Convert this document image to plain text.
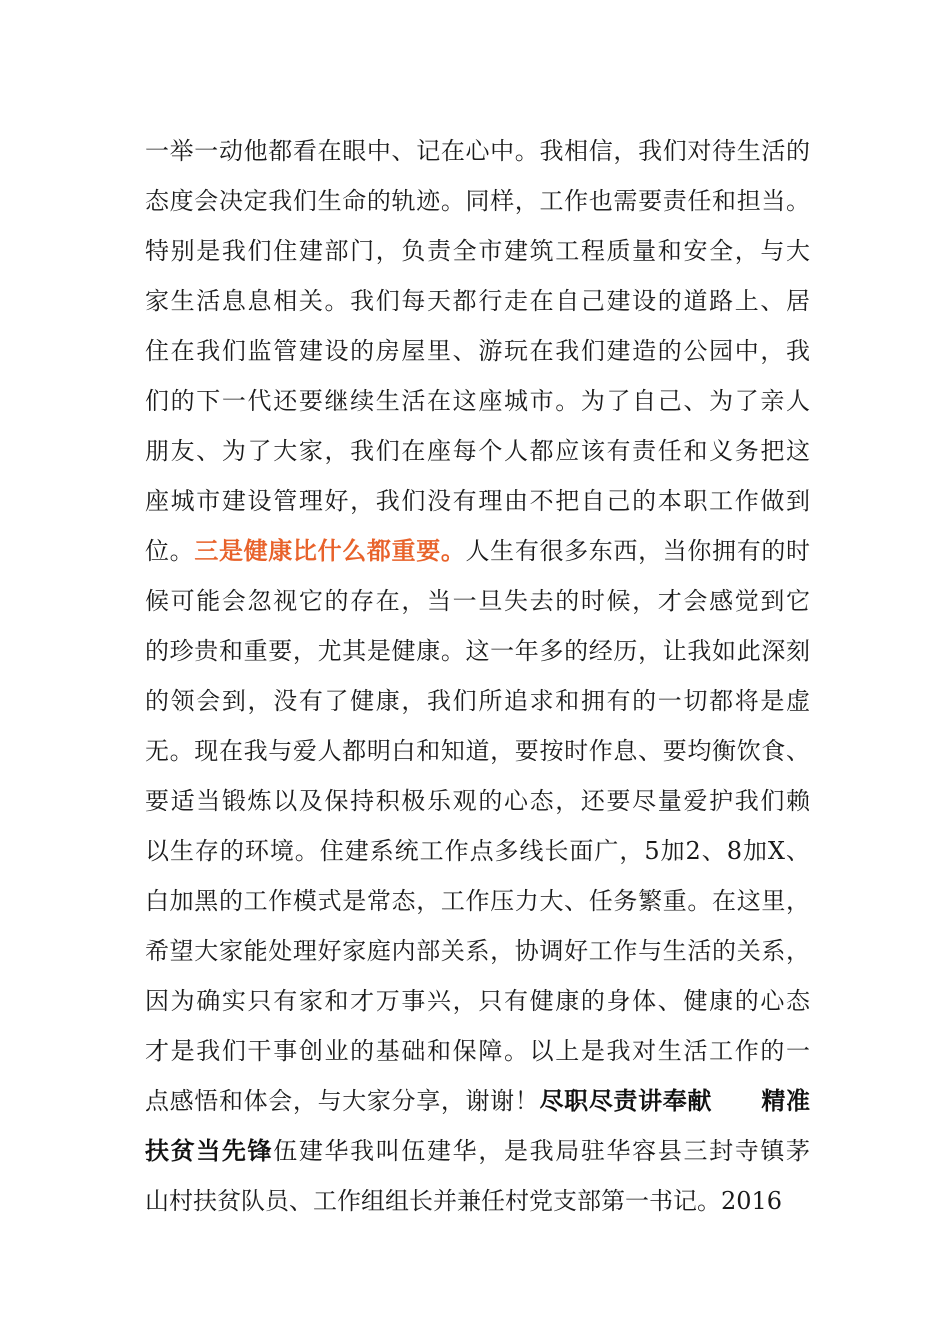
一举一动他都看在眼中、记在心中。我相信，我们对待生活的
态度会决定我们生命的轨迹。同样，工作也需要责任和担当。
特别是我们住建部门，负责全市建筑工程质量和安全，与大
家生活息息相关。我们每天都行走在自己建设的道路上、居
住在我们监管建设的房屋里、游玩在我们建造的公园中，我
们的下一代还要继续生活在这座城市。为了自己、为了亲人
朋友、为了大家，我们在座每个人都应该有责任和义务把这
座城市建设管理好，我们没有理由不把自己的本职工作做到
位。三是健康比什么都重要。人生有很多东西，当你拥有的时
候可能会忽视它的存在，当一旦失去的时候，才会感觉到它
的珍贵和重要，尤其是健康。这一年多的经历，让我如此深刻
的领会到，没有了健康，我们所追求和拥有的一切都将是虚
无。现在我与爱人都明白和知道，要按时作息、要均衡饮食、
要适当锻炼以及保持积极乐观的心态，还要尽量爱护我们赖
以生存的环境。住建系统工作点多线长面广，5加2、8加X、
白加黑的工作模式是常态，工作压力大、任务繁重。在这里，
希望大家能处理好家庭内部关系，协调好工作与生活的关系，
因为确实只有家和才万事兴，只有健康的身体、健康的心态
才是我们干事创业的基础和保障。以上是我对生活工作的一
点感悟和体会，与大家分享，谢谢！尽职尽责讲奉献　　精准
扶贫当先锋伍建华我叫伍建华，是我局驻华容县三封寺镇茅
山村扶贫队员、工作组组长并兼任村党支部第一书记。2016
